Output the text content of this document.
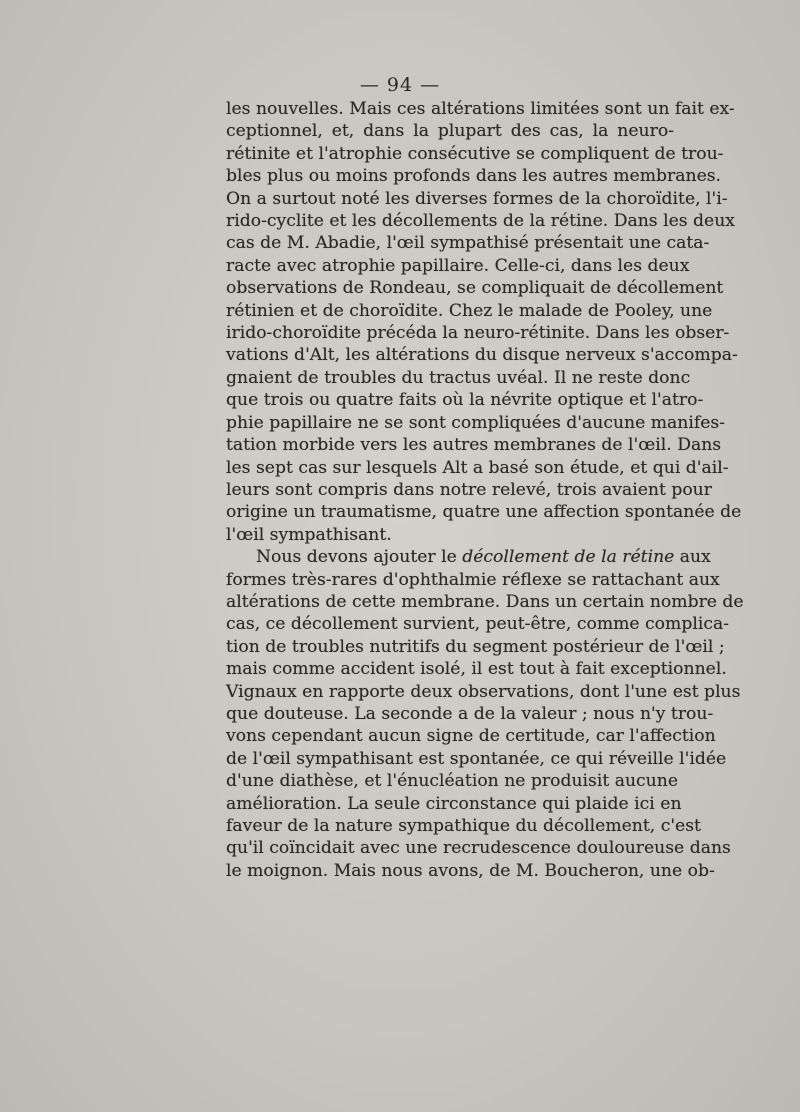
— 94 —
les nouvelles. Mais ces altérations limitées sont un fait ex-
ceptionnel, et, dans la plupart des cas, la neuro-
rétinite et l'atrophie consécutive se compliquent de trou-
bles plus ou moins profonds dans les autres membranes.
On a surtout noté les diverses formes de la choroïdite, l'i-
rido-cyclite et les décollements de la rétine. Dans les deux
cas de M. Abadie, l'œil sympathisé présentait une cata-
racte avec atrophie papillaire. Celle-ci, dans les deux
observations de Rondeau, se compliquait de décollement
rétinien et de choroïdite. Chez le malade de Pooley, une
irido-choroïdite précéda la neuro-rétinite. Dans les obser-
vations d'Alt, les altérations du disque nerveux s'accompa-
gnaient de troubles du tractus uvéal. Il ne reste donc
que trois ou quatre faits où la névrite optique et l'atro-
phie papillaire ne se sont compliquées d'aucune manifes-
tation morbide vers les autres membranes de l'œil. Dans
les sept cas sur lesquels Alt a basé son étude, et qui d'ail-
leurs sont compris dans notre relevé, trois avaient pour
origine un traumatisme, quatre une affection spontanée de
l'œil sympathisant.
Nous devons ajouter le décollement de la rétine aux
formes très-rares d'ophthalmie réflexe se rattachant aux
altérations de cette membrane. Dans un certain nombre de
cas, ce décollement survient, peut-être, comme complica-
tion de troubles nutritifs du segment postérieur de l'œil ;
mais comme accident isolé, il est tout à fait exceptionnel.
Vignaux en rapporte deux observations, dont l'une est plus
que douteuse. La seconde a de la valeur ; nous n'y trou-
vons cependant aucun signe de certitude, car l'affection
de l'œil sympathisant est spontanée, ce qui réveille l'idée
d'une diathèse, et l'énucléation ne produisit aucune
amélioration. La seule circonstance qui plaide ici en
faveur de la nature sympathique du décollement, c'est
qu'il coïncidait avec une recrudescence douloureuse dans
le moignon. Mais nous avons, de M. Boucheron, une ob-
